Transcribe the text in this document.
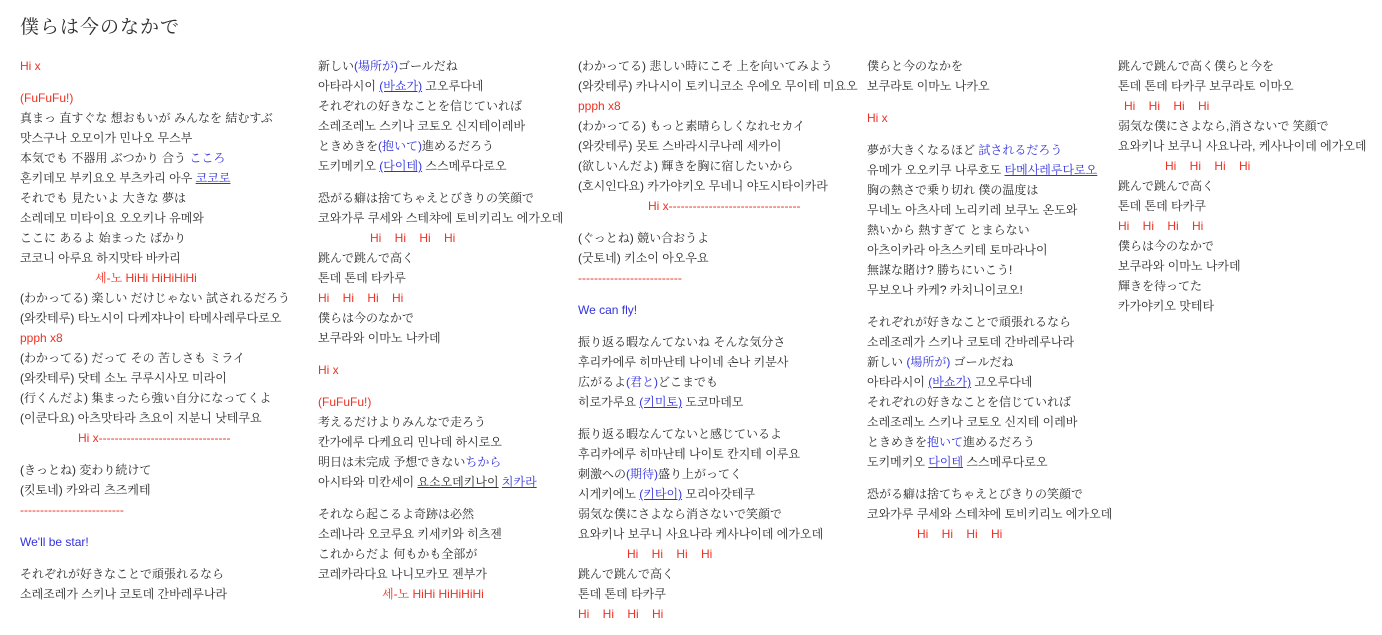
僕らは今のなかで
Hi x
(FuFuFu!)
真まっ 直すぐな 想おもいが みんなを 結むすぶ
맛스구나 오모이가 민나오 무스부
本気でも 不器用 ぶつかり 合う こころ
혼키데모 부키요오 부츠카리 아우 코코로
それでも 見たいよ 大きな 夢は
소레데모 미타이요 오오키나 유메와
ここに あるよ 始まった ばかり
코코니 아루요 하지맛타 바카리
세-노 HiHi HiHiHiHi
(わかってる) 楽しい だけじゃない 試されるだろう
(와캇테루) 타노시이 다케쟈나이 타메사레루다로오
ppph x8
(わかってる) だって その 苦しさも ミライ
(와캇테루) 닷테 소노 쿠루시사모 미라이
(行くんだよ) 集まったら強い自分になってくよ
(이쿤다요) 아츠맛타라 츠요이 지분니 낫테쿠요
Hi x---------------------------------
(きっとね) 変わり続けて
(킷토네) 카와리 츠즈케테
--------------------------
We'll be star!
それぞれが好きなことで頑張れるなら
소레조레가 스키나 코토데 간바레루나라
新しい(場所が)ゴールだね
아타라시이 (바쇼가) 고오루다네
それぞれの好きなことを信じていれば
소레조레노 스키나 코토오 신지테이레바
ときめきを(抱いて)進めるだろう
도키메키오 (다이테) 스스메루다로오
恐がる癖は捨てちゃえとびきりの笑顔で
코와가루 쿠세와 스테챠에 토비키리노 에가오데
Hi    Hi    Hi    Hi
跳んで跳んで高く
톤데 톤데 타카루
Hi    Hi    Hi    Hi
僕らは今のなかで
보쿠라와 이마노 나카데
Hi x
(FuFuFu!)
考えるだけよりみんなで走ろう
칸가에루 다케요리 민나데 하시로오
明日は未完成 予想できないちから
아시타와 미칸세이 요소오데키나이 치카라
それなら起こるよ奇跡は必然
소레나라 오코루요 키세키와 히츠젠
これからだよ 何もかも全部が
코레카라다요 나니모카모 젠부가
세-노 HiHi HiHiHiHi
(わかってる) 悲しい時にこそ 上を向いてみよう
(와캇테루) 카나시이 토키니코소 우에오 무이테 미요오
ppph x8
(わかってる) もっと素晴らしくなれセカイ
(와캇테루) 못토 스바라시쿠나레 세카이
(欲しいんだよ) 輝きを胸に宿したいから
(호시인다요) 카가야키오 무네니 야도시타이카라
Hi x---------------------------------
(ぐっとね) 競い合おうよ
(굿토네) 키소이 아오우요
--------------------------
We can fly!
振り返る暇なんてないね そんな気分さ
후리카에루 히마난테 나이네 손나 키분사
広がるよ(君と)どこまでも
히로가루요 (키미토) 도코마데모
振り返る暇なんてないと感じているよ
후리카에루 히마난테 나이토 칸지테 이루요
刺激への(期待)盛り上がってく
시게키에노 (키타이) 모리아갓테쿠
弱気な僕にさよなら消さないで笑顔で
요와키나 보쿠니 사요나라 케사나이데 에가오데
Hi    Hi    Hi    Hi
跳んで跳んで高く
톤데 톤데 타카쿠
Hi    Hi    Hi    Hi
僕らと今のなかを
보쿠라토 이마노 나카오
Hi x
夢が大きくなるほど 試されるだろう
유메가 오오키쿠 나루호도 타메사레루다로오
胸の熱さで乗り切れ 僕の温度は
무네노 아츠사데 노리키레 보쿠노 온도와
熱いから 熱すぎて とまらない
아츠이카라 아츠스키테 토마라나이
無謀な賭け? 勝ちにいこう!
무보오나 카케? 카치니이코오!
それぞれが好きなことで頑張れるなら
소레조레가 스키나 코토데 간바레루나라
新しい (場所が) ゴールだね
아타라시이 (바쇼가) 고오루다네
それぞれの好きなことを信じていれば
소레조레노 스키나 코토오 신지테 이레바
ときめきを抱いて進めるだろう
도키메키오 다이테 스스메루다로오
恐がる癖は捨てちゃえとびきりの笑顔で
코와가루 쿠세와 스테챠에 토비키리노 에가오데
Hi    Hi    Hi    Hi
跳んで跳んで高く僕らと今を
톤데 톤데 타카쿠 보쿠라토 이마오
Hi    Hi    Hi    Hi
弱気な僕にさよなら,消さないで 笑顔で
요와키나 보쿠니 사요나라, 케사나이데 에가오데
Hi    Hi    Hi    Hi
跳んで跳んで高く
톤데 톤데 타카쿠
Hi    Hi    Hi    Hi
僕らは今のなかで
보쿠라와 이마노 나카데
輝きを待ってた
카가야키오 맛테타
